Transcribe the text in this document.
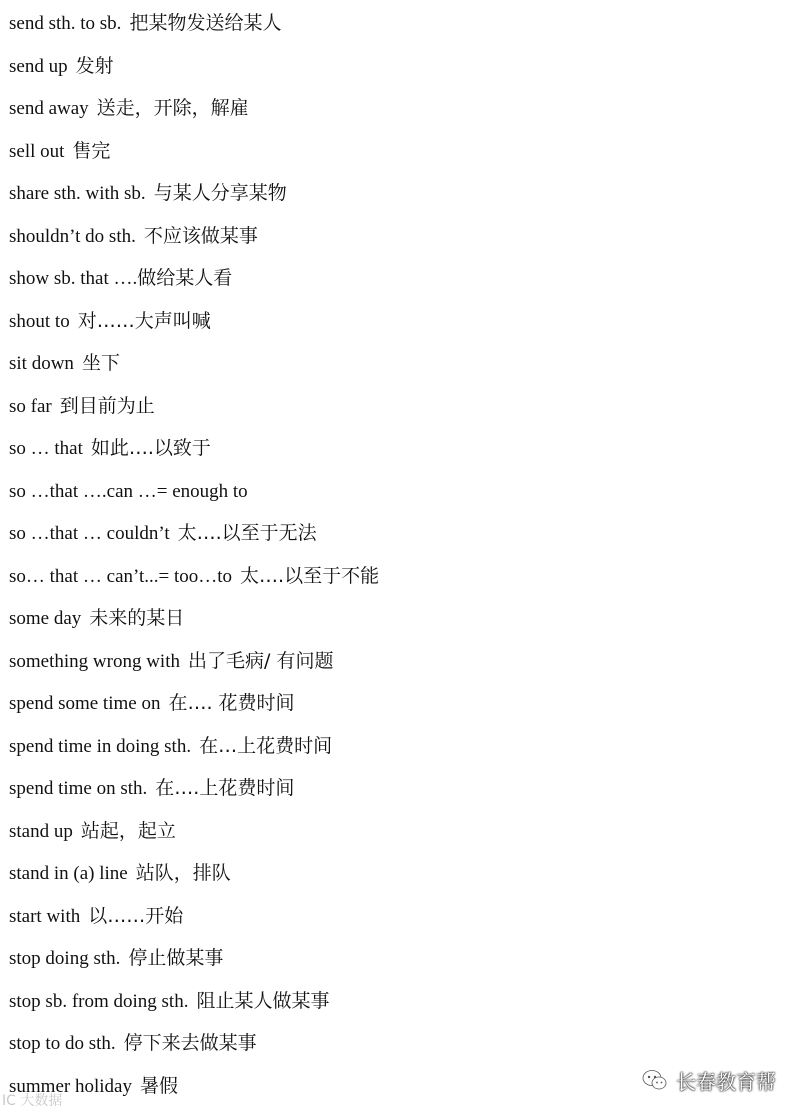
send sth. to sb. 把某物发送给某人
send up 发射
send away 送走，开除，解雇
sell out 售完
share sth. with sb. 与某人分享某物
shouldn’t do sth. 不应该做某事
show sb. that ….做给某人看
shout to 对……大声叫喊
sit down 坐下
so far 到目前为止
so … that 如此….以致于
so …that ….can …= enough to
so …that … couldn’t 太….以至于无法
so… that … can’t...= too…to 太….以至于不能
some day 未来的某日
something wrong with 出了毛病/ 有问题
spend some time on 在…. 花费时间
spend time in doing sth. 在…上花费时间
spend time on sth. 在….上花费时间
stand up 站起，起立
stand in (a) line 站队，排队
start with 以……开始
stop doing sth. 停止做某事
stop sb. from doing sth. 阻止某人做某事
stop to do sth. 停下来去做某事
summer holiday 暑假
IC 大数据
长春教育帮
